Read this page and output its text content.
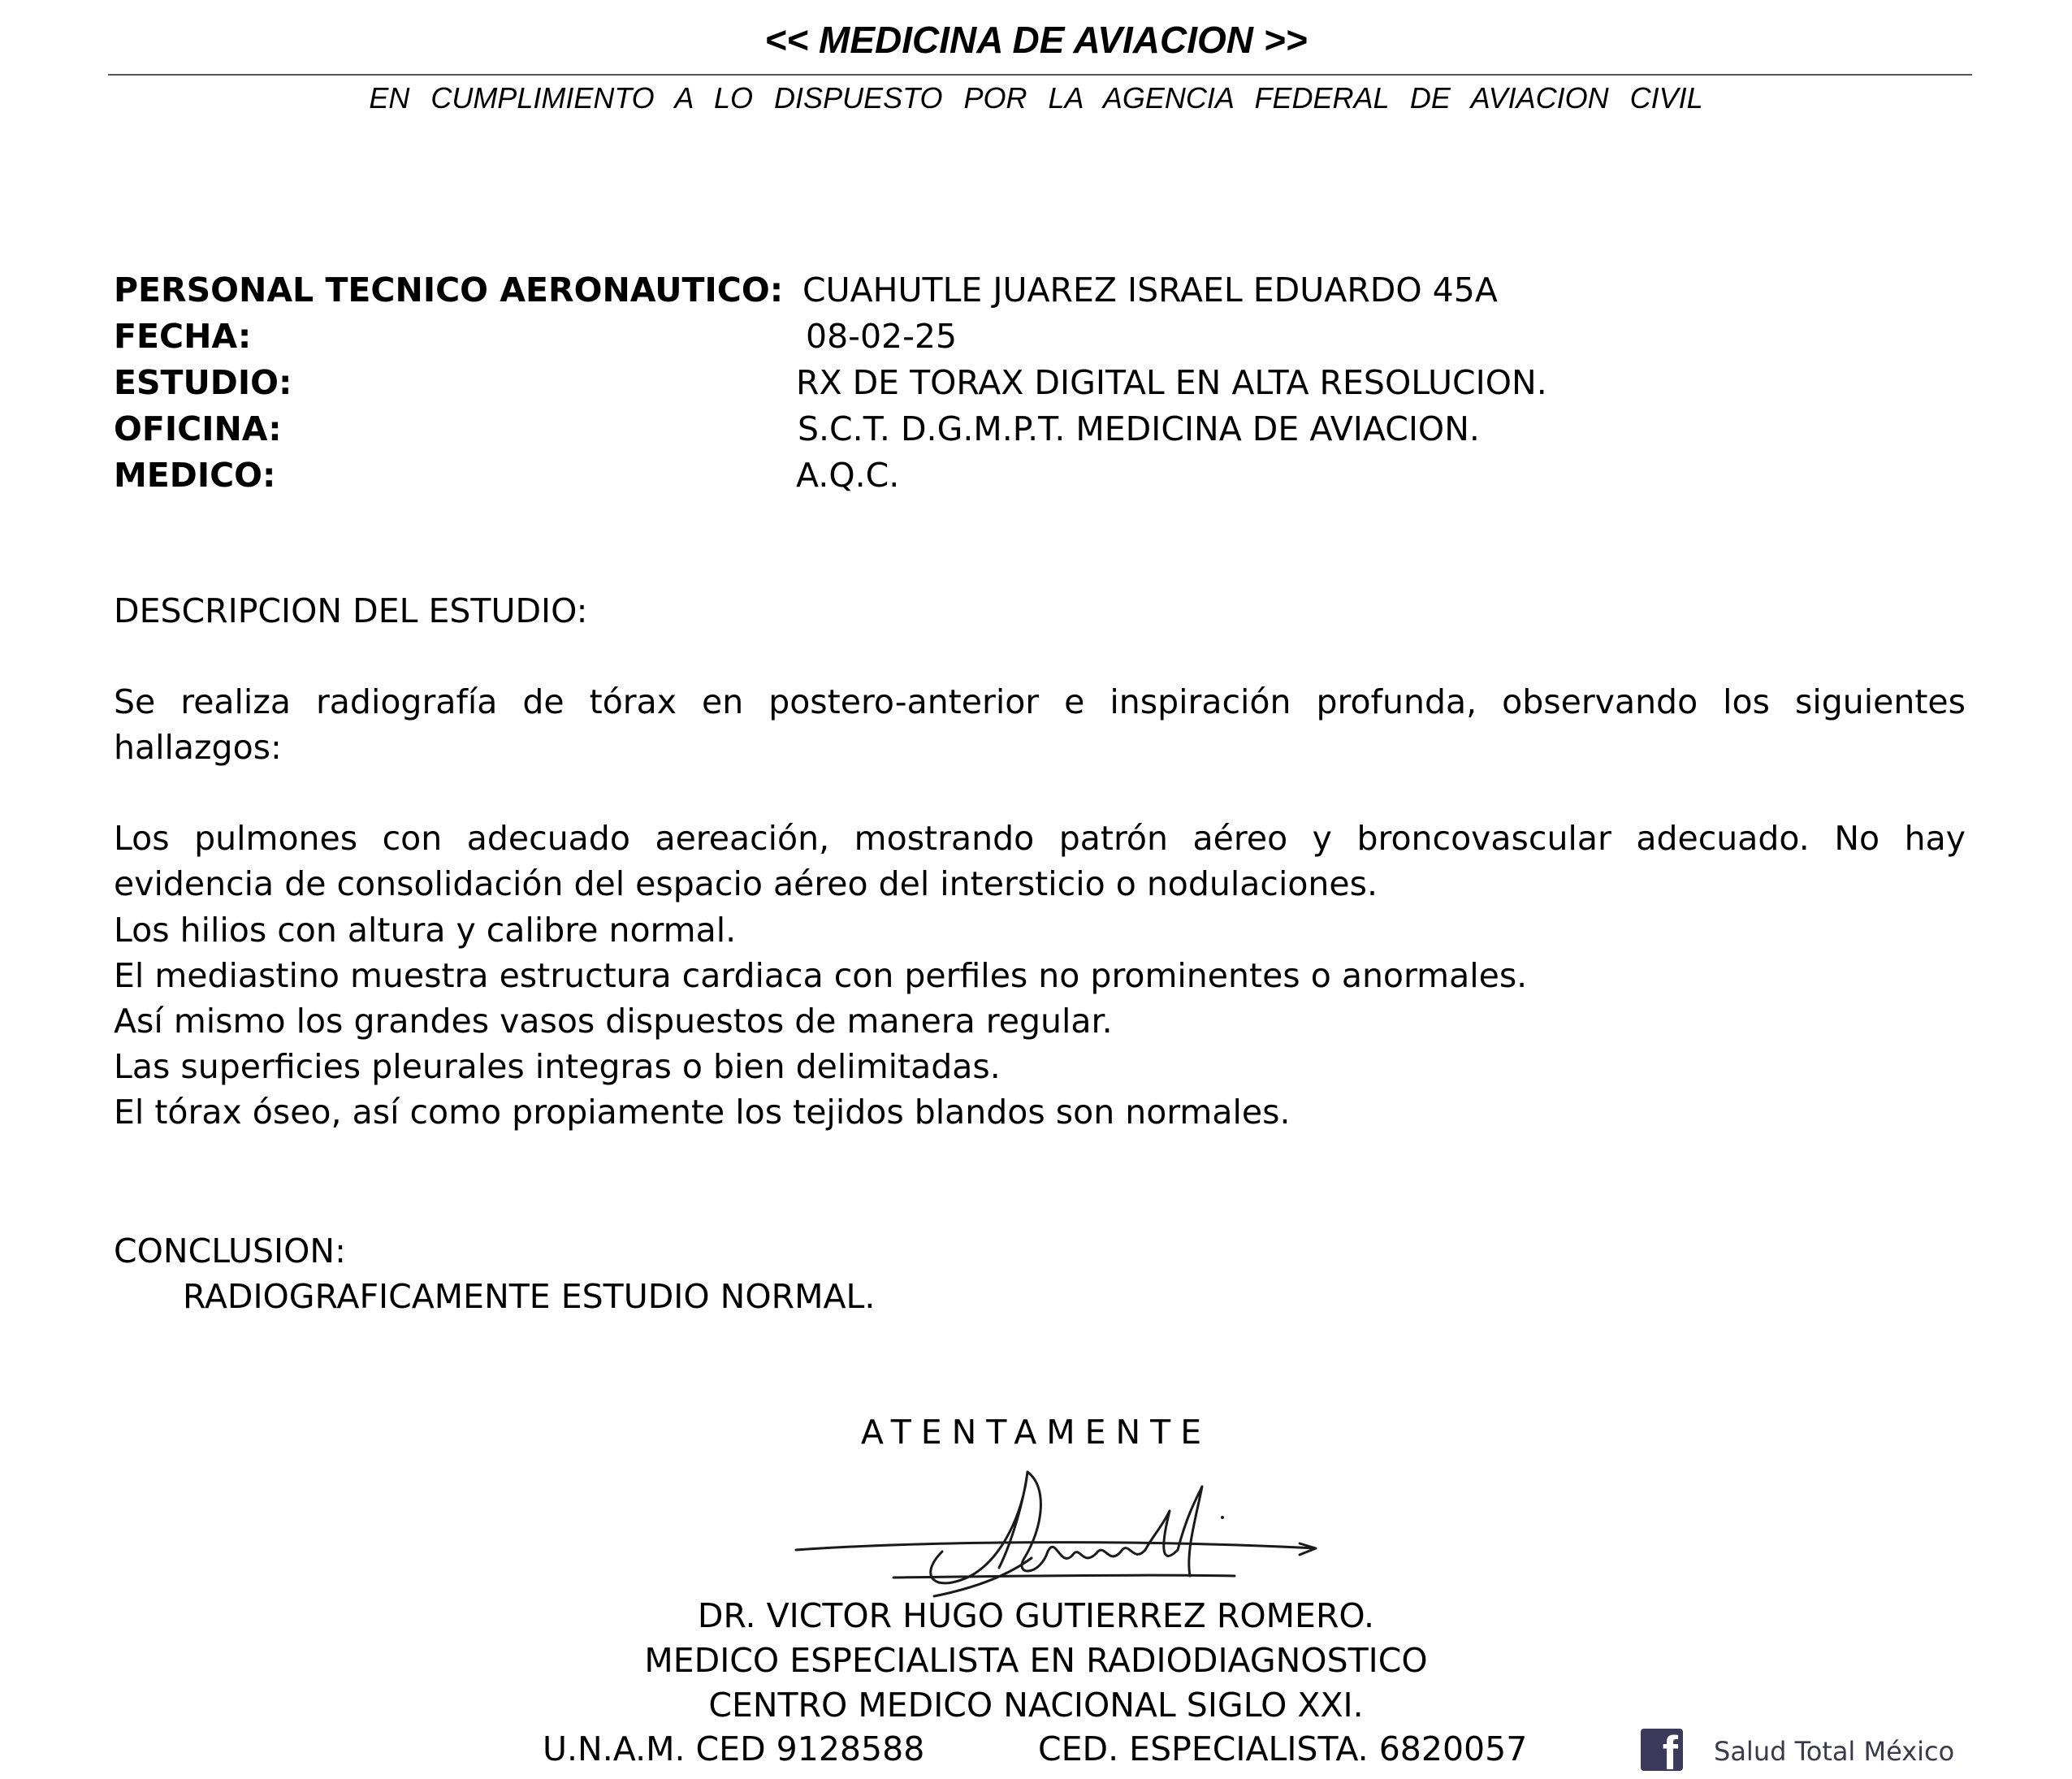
<< MEDICINA DE AVIACION >>
EN CUMPLIMIENTO A LO DISPUESTO POR LA AGENCIA FEDERAL DE AVIACION CIVIL
PERSONAL TECNICO AERONAUTICO: CUAHUTLE JUAREZ ISRAEL EDUARDO 45A
FECHA:	08-02-25
ESTUDIO:	RX DE TORAX DIGITAL EN ALTA RESOLUCION.
OFICINA:	S.C.T. D.G.M.P.T. MEDICINA DE AVIACION.
MEDICO:	A.Q.C.
DESCRIPCION DEL ESTUDIO:

Se realiza radiografía de tórax en postero-anterior e inspiración profunda, observando los siguientes hallazgos:

Los pulmones con adecuado aereación, mostrando patrón aéreo y broncovascular adecuado. No hay evidencia de consolidación del espacio aéreo del intersticio o nodulaciones.

Los hilios con altura y calibre normal.
El mediastino muestra estructura cardiaca con perfiles no prominentes o anormales.
Así mismo los grandes vasos dispuestos de manera regular.
Las superficies pleurales integras o bien delimitadas.
El tórax óseo, así como propiamente los tejidos blandos son normales.
CONCLUSION:
RADIOGRAFICAMENTE ESTUDIO NORMAL.
ATENTAMENTE
DR. VICTOR HUGO GUTIERREZ ROMERO.
MEDICO ESPECIALISTA EN RADIODIAGNOSTICO
CENTRO MEDICO NACIONAL SIGLO XXI.
U.N.A.M. CED 9128588	CED. ESPECIALISTA. 6820057	f Salud Total México
